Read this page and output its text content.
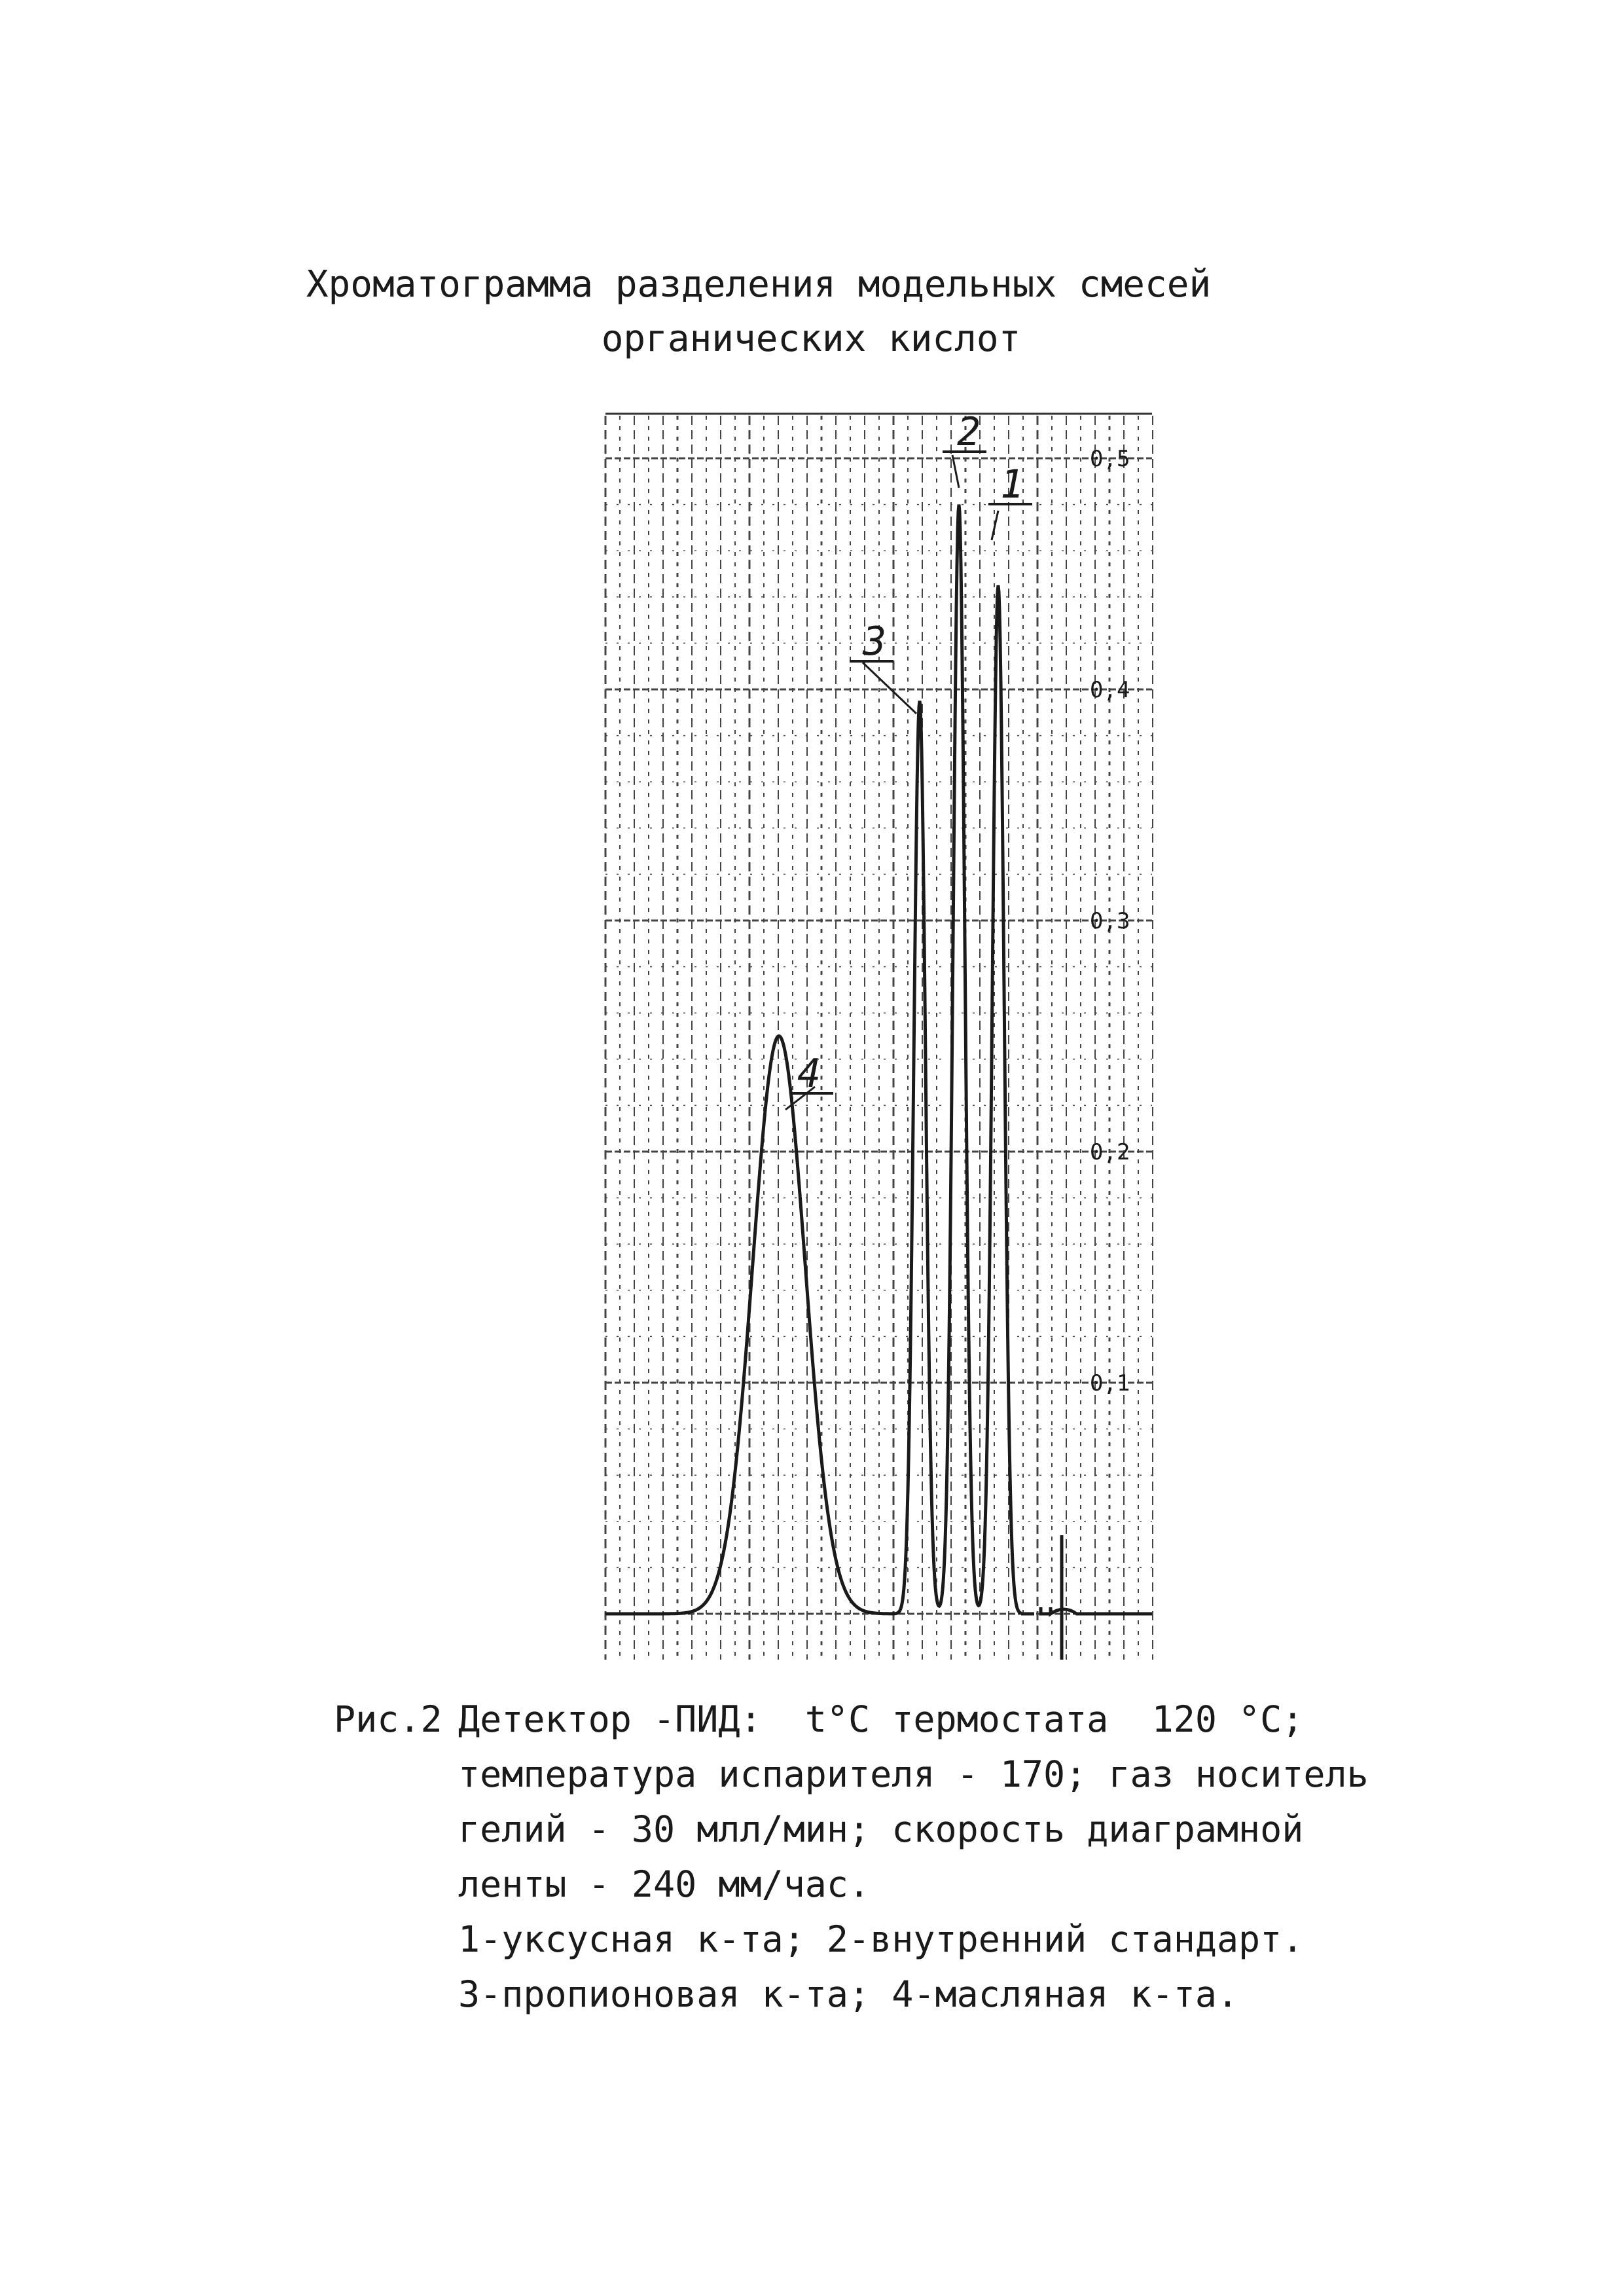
Хроматограмма разделения модельных смесей
органических кислот
0,1
0,2
0,3
0,4
0,5
4
3
2
1
Рис.2 Детектор -ПИД:  t°C термостата  120 °C;
температура испарителя - 170; газ носитель
гелий - 30 млл/мин; скорость диаграмной
ленты - 240 мм/час.
1-уксусная к-та; 2-внутренний стандарт.
3-пропионовая к-та; 4-масляная к-та.
